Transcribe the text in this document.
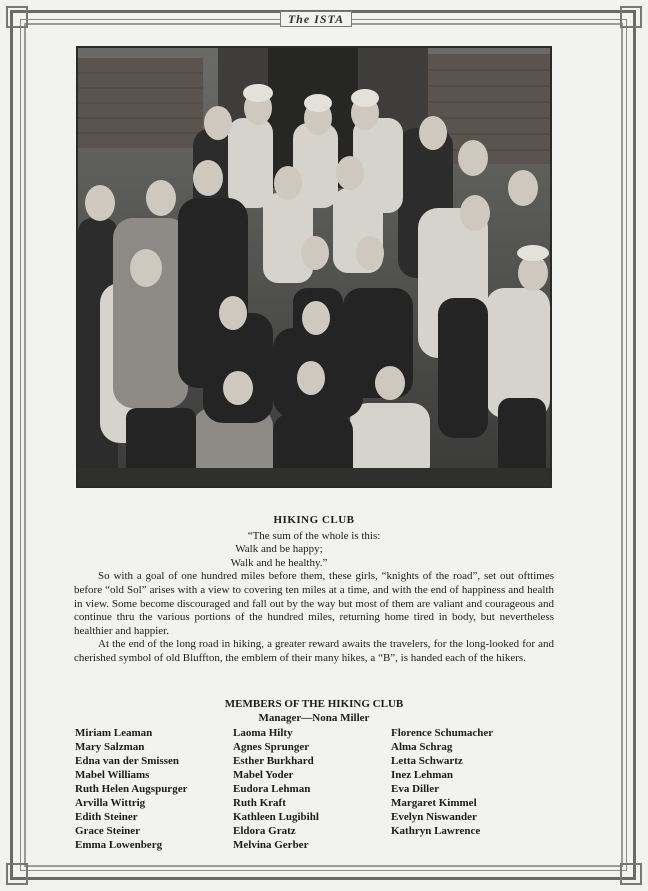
The ISTA
HIKING CLUB
“The sum of the whole is this:
Walk and be happy;
Walk and he healthy.”

So with a goal of one hundred miles before them, these girls, “knights of the road”, set out ofttimes before “old Sol” arises with a view to covering ten miles at a time, and with the end of happiness and health in view. Some become discouraged and fall out by the way but most of them are valiant and courageous and continue thru the various portions of the hundred miles, returning home tired in body, but nevertheless healthier and happier.

At the end of the long road in hiking, a greater reward awaits the travelers, for the long-looked for and cherished symbol of old Bluffton, the emblem of their many hikes, a “B”, is handed each of the hikers.

MEMBERS OF THE HIKING CLUB
Manager—Nona Miller
Miriam Leaman
Mary Salzman
Edna van der Smissen
Mabel Williams
Ruth Helen Augspurger
Arvilla Wittrig
Edith Steiner
Grace Steiner
Emma Lowenberg
Laoma Hilty
Agnes Sprunger
Esther Burkhard
Mabel Yoder
Eudora Lehman
Ruth Kraft
Kathleen Lugibihl
Eldora Gratz
Melvina Gerber
Florence Schumacher
Alma Schrag
Letta Schwartz
Inez Lehman
Eva Diller
Margaret Kimmel
Evelyn Niswander
Kathryn Lawrence
